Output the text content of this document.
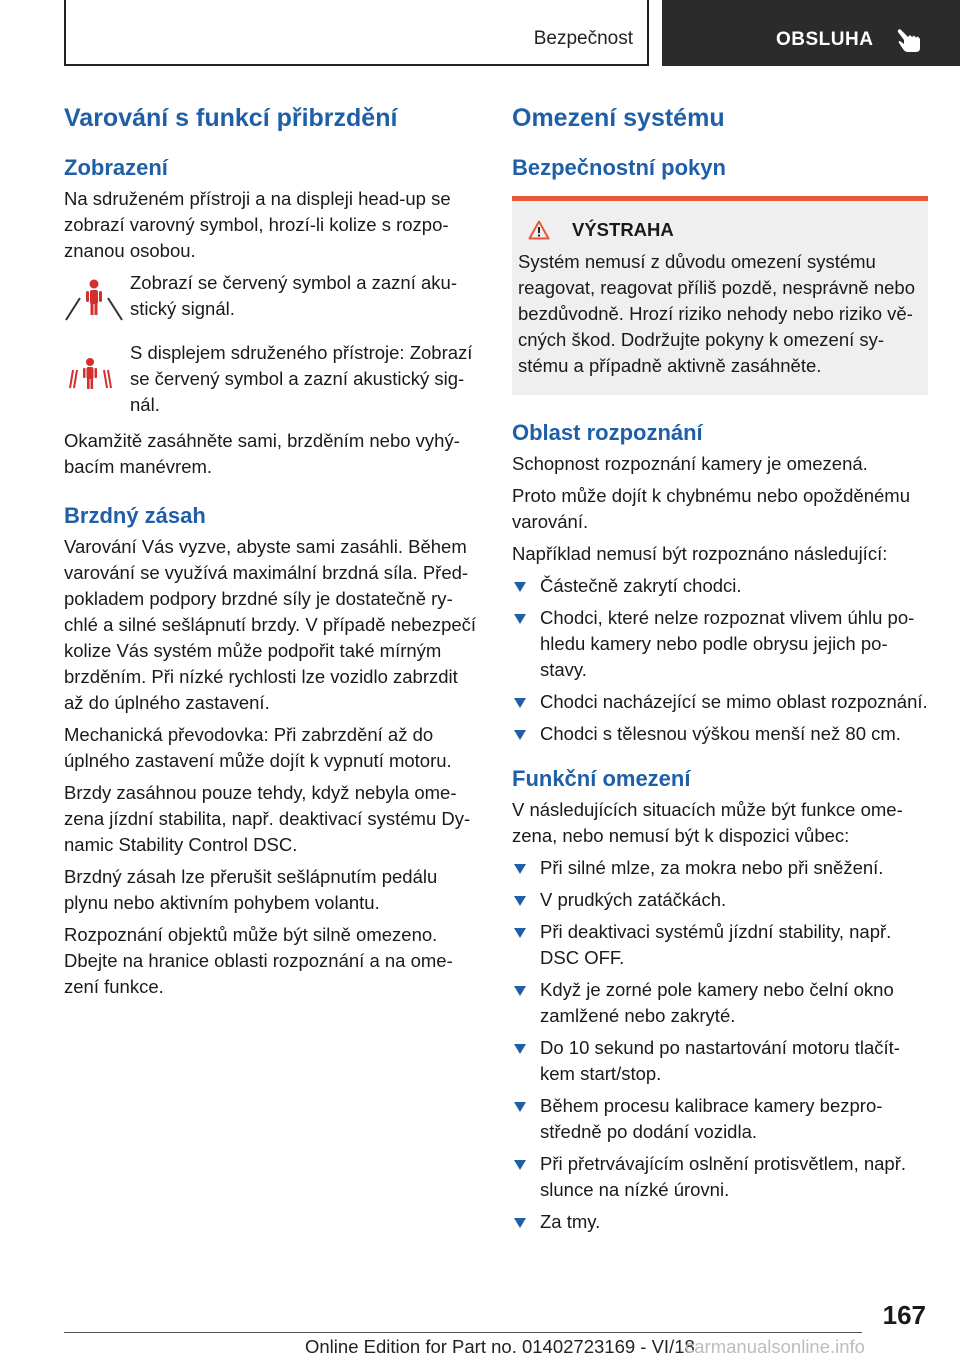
Bezpečnost	OBSLUHA
Varování s funkcí přibrzdění
Zobrazení

Na sdruženém přístroji a na displeji head-up se zobrazí varovný symbol, hrozí-li kolize s rozpoznanou osobou.

Zobrazí se červený symbol a zazní akustický signál.

S displejem sdruženého přístroje: Zobrazí se červený symbol a zazní akustický signál.

Okamžitě zasáhněte sami, brzděním nebo vyhýbacím manévrem.

Brzdný zásah

Varování Vás vyzve, abyste sami zasáhli. Během varování se využívá maximální brzdná síla. Předpokladem podpory brzdné síly je dostatečně rychlé a silné sešlápnutí brzdy. V případě nebezpečí kolize Vás systém může podpořit také mírným brzděním. Při nízké rychlosti lze vozidlo zabrzdit až do úplného zastavení.

Mechanická převodovka: Při zabrzdění až do úplného zastavení může dojít k vypnutí motoru.

Brzdy zasáhnou pouze tehdy, když nebyla omezena jízdní stabilita, např. deaktivací systému Dynamic Stability Control DSC.

Brzdný zásah lze přerušit sešlápnutím pedálu plynu nebo aktivním pohybem volantu.

Rozpoznání objektů může být silně omezeno. Dbejte na hranice oblasti rozpoznání a na omezení funkce.

Omezení systému
Bezpečnostní pokyn
VÝSTRAHA

Systém nemusí z důvodu omezení systému reagovat, reagovat příliš pozdě, nesprávně nebo bezdůvodně. Hrozí riziko nehody nebo riziko věcných škod. Dodržujte pokyny k omezení systému a případně aktivně zasáhněte.

Oblast rozpoznání

Schopnost rozpoznání kamery je omezená.

Proto může dojít k chybnému nebo opožděnému varování.

Například nemusí být rozpoznáno následující:

Částečně zakrytí chodci.
Chodci, které nelze rozpoznat vlivem úhlu pohledu kamery nebo podle obrysu jejich postavy.
Chodci nacházející se mimo oblast rozpoznání.
Chodci s tělesnou výškou menší než 80 cm.
Funkční omezení

V následujících situacích může být funkce omezena, nebo nemusí být k dispozici vůbec:

Při silné mlze, za mokra nebo při sněžení.
V prudkých zatáčkách.
Při deaktivaci systémů jízdní stability, např. DSC OFF.
Když je zorné pole kamery nebo čelní okno zamlžené nebo zakryté.
Do 10 sekund po nastartování motoru tlačítkem start/stop.
Během procesu kalibrace kamery bezprostředně po dodání vozidla.
Při přetrvávajícím oslnění protisvětlem, např. slunce na nízké úrovni.
Za tmy.
167
Online Edition for Part no. 01402723169 - VI/18
carmanualsonline.info
